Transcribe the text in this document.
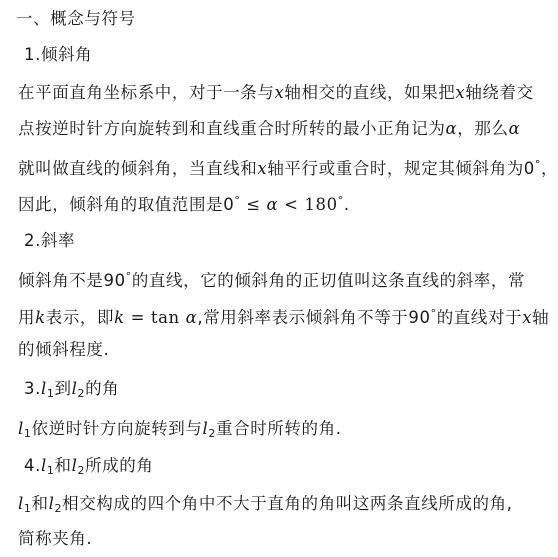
一、概念与符号
1.倾斜角
在平面直角坐标系中，对于一条与x轴相交的直线，如果把x轴绕着交
点按逆时针方向旋转到和直线重合时所转的最小正角记为α，那么α
就叫做直线的倾斜角，当直线和x轴平行或重合时，规定其倾斜角为0°，
因此，倾斜角的取值范围是0° ≤ α < 180°.
2.斜率
倾斜角不是90°的直线，它的倾斜角的正切值叫这条直线的斜率，常
用k表示，即k = tan α,常用斜率表示倾斜角不等于90°的直线对于x轴
的倾斜程度.
3.l1到l2的角
l1依逆时针方向旋转到与l2重合时所转的角.
4.l1和l2所成的角
l1和l2相交构成的四个角中不大于直角的角叫这两条直线所成的角,
简称夹角.
